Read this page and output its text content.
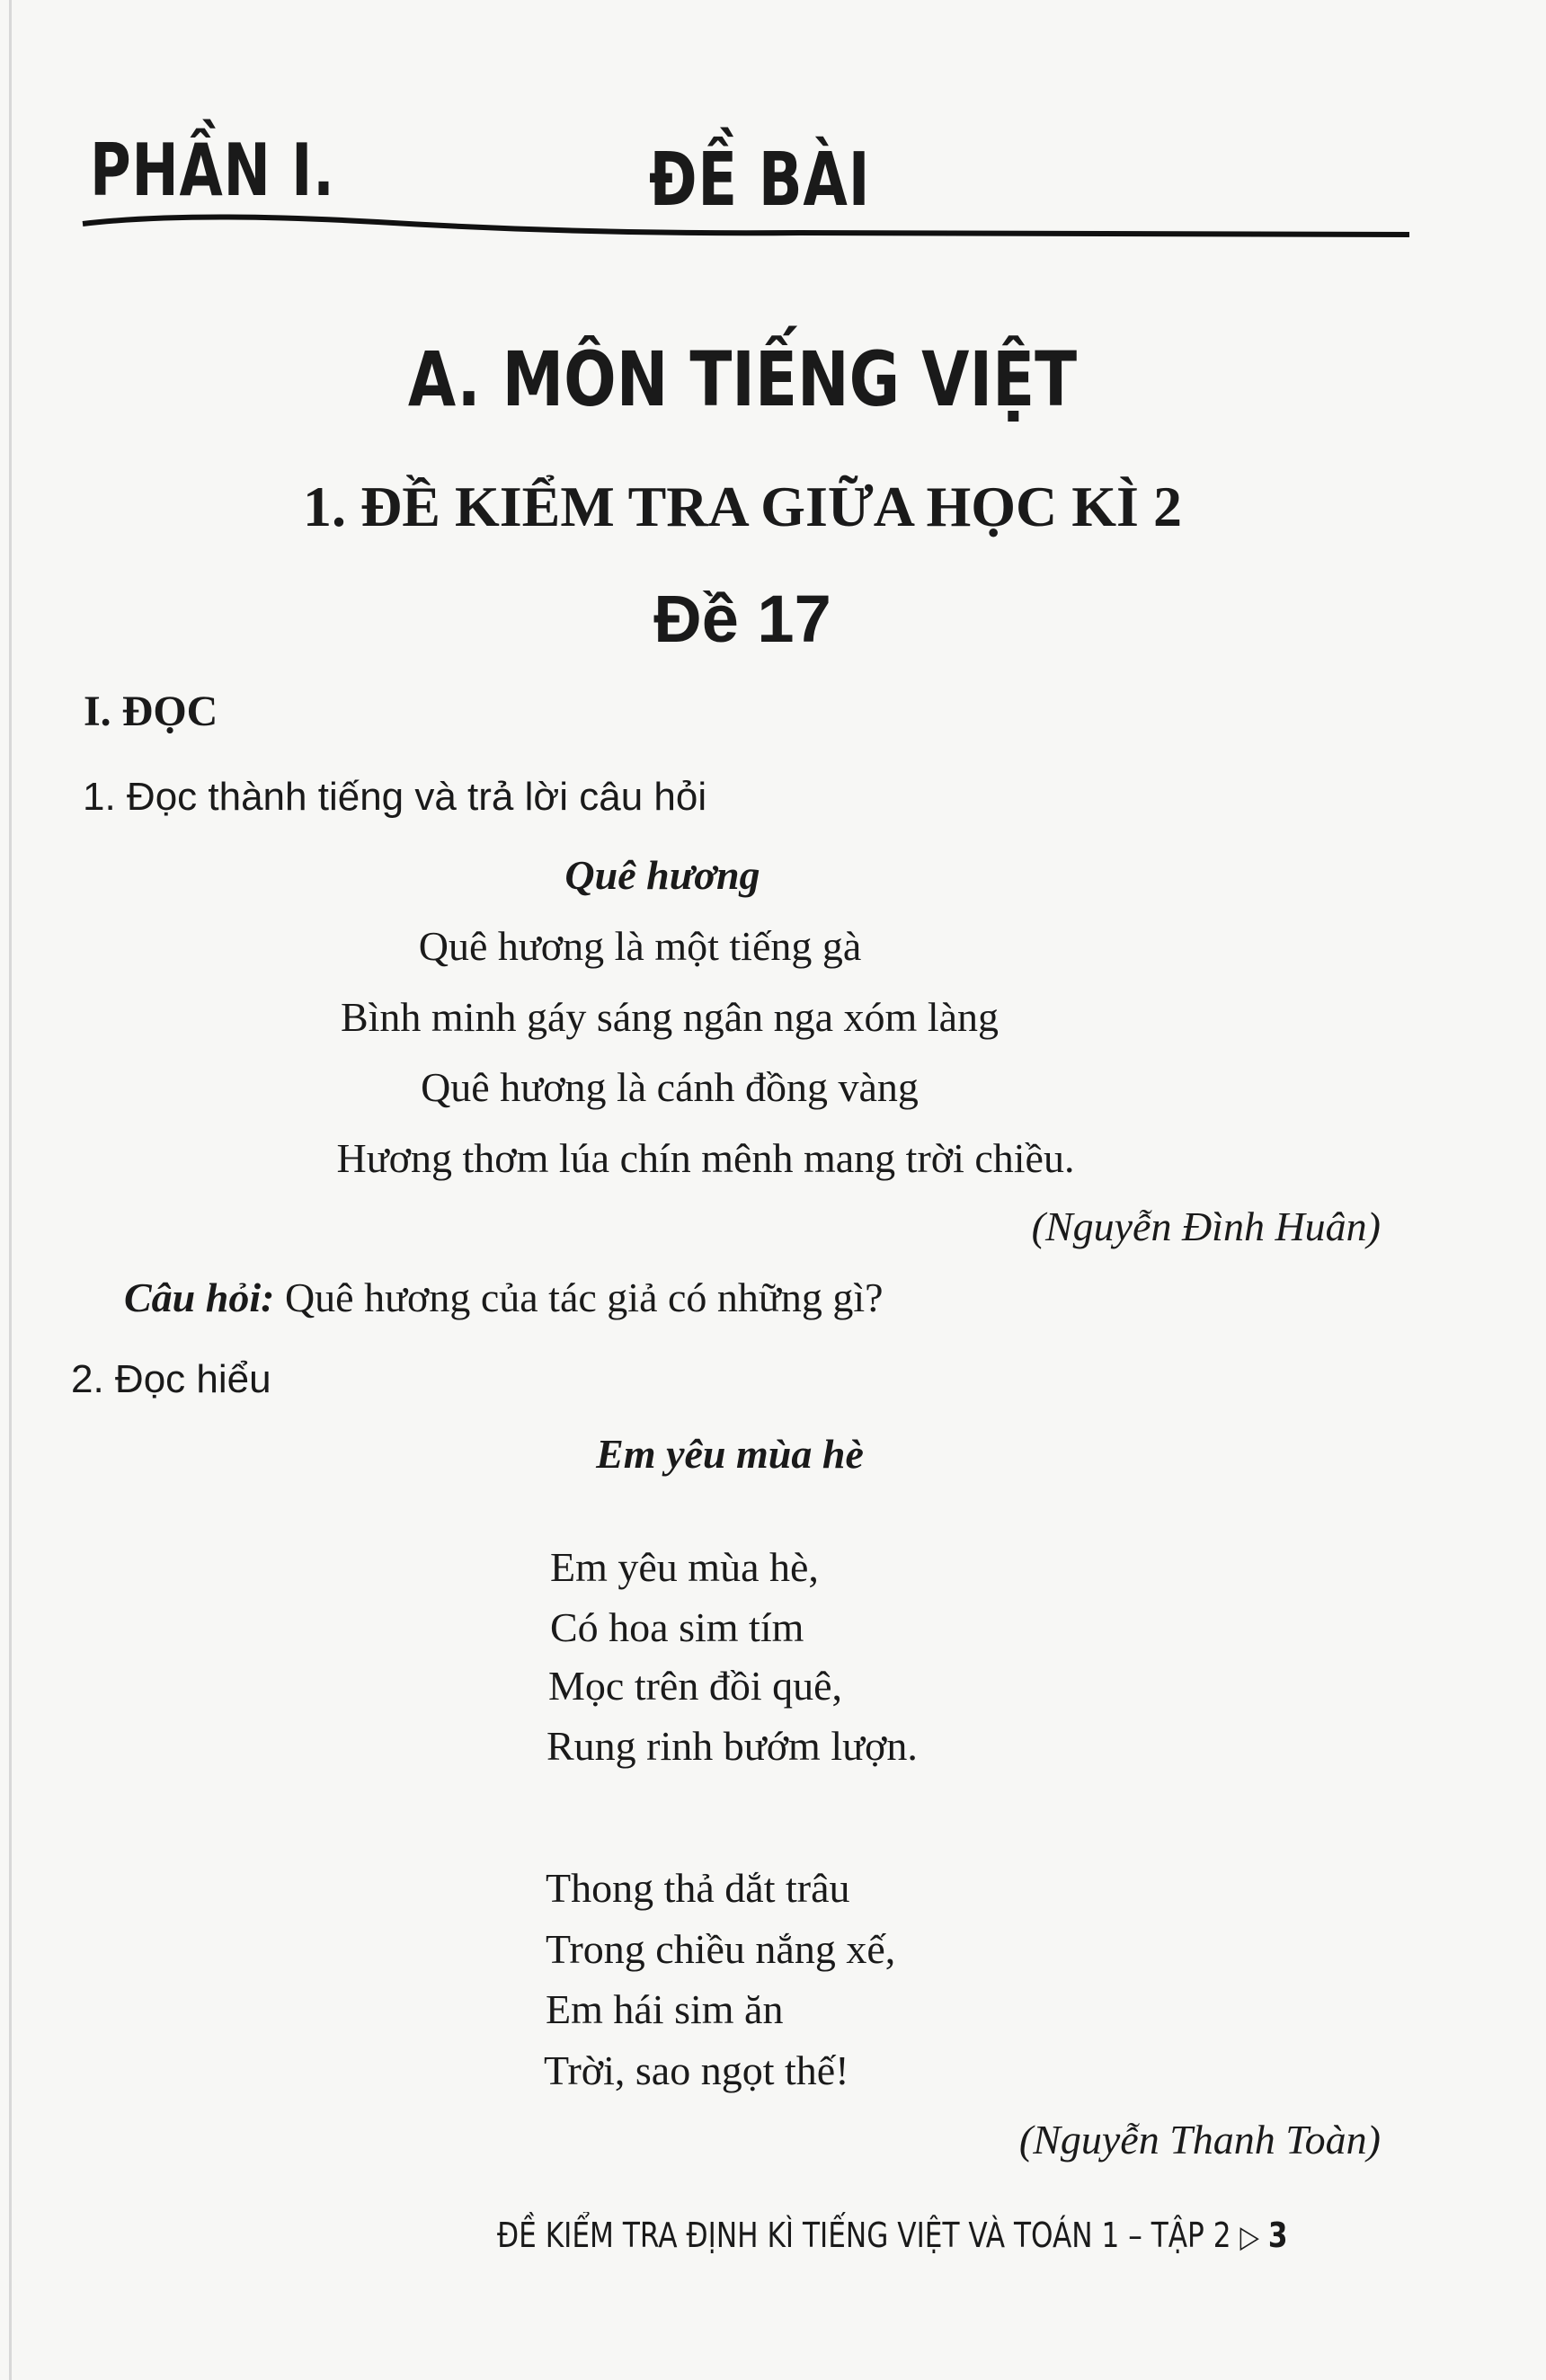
PHẦN I.	ĐỀ BÀI
A. MÔN TIẾNG VIỆT
1. ĐỀ KIỂM TRA GIỮA HỌC KÌ 2
Đề 17
I. ĐỌC
1. Đọc thành tiếng và trả lời câu hỏi
Quê hương
Quê hương là một tiếng gà
Bình minh gáy sáng ngân nga xóm làng
Quê hương là cánh đồng vàng
Hương thơm lúa chín mênh mang trời chiều.
(Nguyễn Đình Huân)
Câu hỏi: Quê hương của tác giả có những gì?
2. Đọc hiểu
Em yêu mùa hè
Em yêu mùa hè,
Có hoa sim tím
Mọc trên đồi quê,
Rung rinh bướm lượn.
Thong thả dắt trâu
Trong chiều nắng xế,
Em hái sim ăn
Trời, sao ngọt thế!
(Nguyễn Thanh Toàn)
ĐỀ KIỂM TRA ĐỊNH KÌ TIẾNG VIỆT VÀ TOÁN 1 – TẬP 2 ▷ 3
